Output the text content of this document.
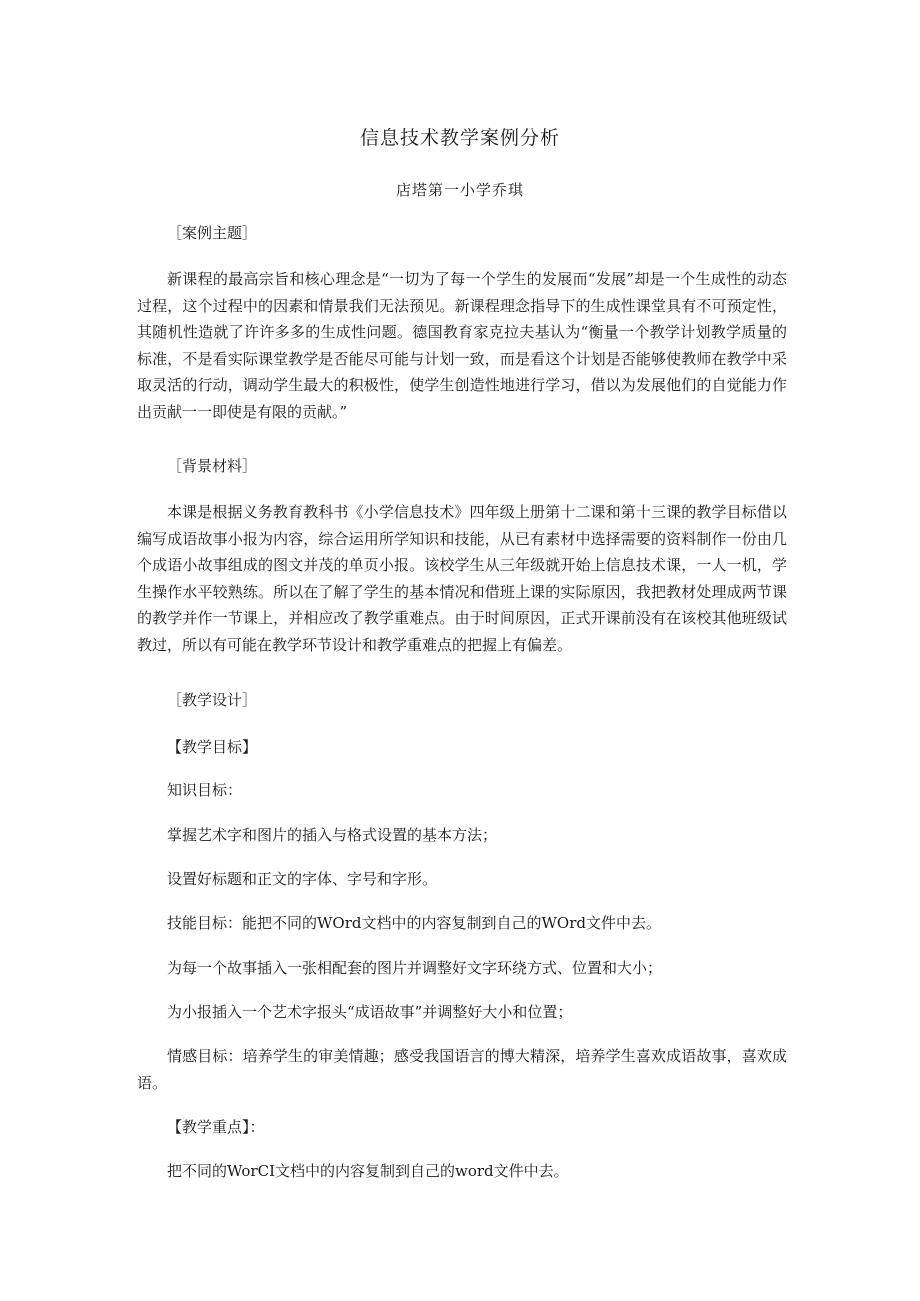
信息技术教学案例分析
店塔第一小学乔琪
［案例主题］

新课程的最高宗旨和核心理念是“一切为了每一个学生的发展而“发展”却是一个生成性的动态过程，这个过程中的因素和情景我们无法预见。新课程理念指导下的生成性课堂具有不可预定性，其随机性造就了许许多多的生成性问题。德国教育家克拉夫基认为“衡量一个教学计划教学质量的标准，不是看实际课堂教学是否能尽可能与计划一致，而是看这个计划是否能够使教师在教学中采取灵活的行动，调动学生最大的积极性，使学生创造性地进行学习，借以为发展他们的自觉能力作出贡献一一即使是有限的贡献。”

［背景材料］

本课是根据义务教育教科书《小学信息技术》四年级上册第十二课和第十三课的教学目标借以编写成语故事小报为内容，综合运用所学知识和技能，从已有素材中选择需要的资料制作一份由几个成语小故事组成的图文并茂的单页小报。该校学生从三年级就开始上信息技术课，一人一机，学生操作水平较熟练。所以在了解了学生的基本情况和借班上课的实际原因，我把教材处理成两节课的教学并作一节课上，并相应改了教学重难点。由于时间原因，正式开课前没有在该校其他班级试教过，所以有可能在教学环节设计和教学重难点的把握上有偏差。

［教学设计］
【教学目标】
知识目标：
掌握艺术字和图片的插入与格式设置的基本方法；
设置好标题和正文的字体、字号和字形。
技能目标：能把不同的WOrd文档中的内容复制到自己的WOrd文件中去。
为每一个故事插入一张相配套的图片并调整好文字环绕方式、位置和大小；
为小报插入一个艺术字报头“成语故事”并调整好大小和位置；

情感目标：培养学生的审美情趣；感受我国语言的博大精深，培养学生喜欢成语故事，喜欢成语。

【教学重点】：
把不同的WorCI文档中的内容复制到自己的word文件中去。
